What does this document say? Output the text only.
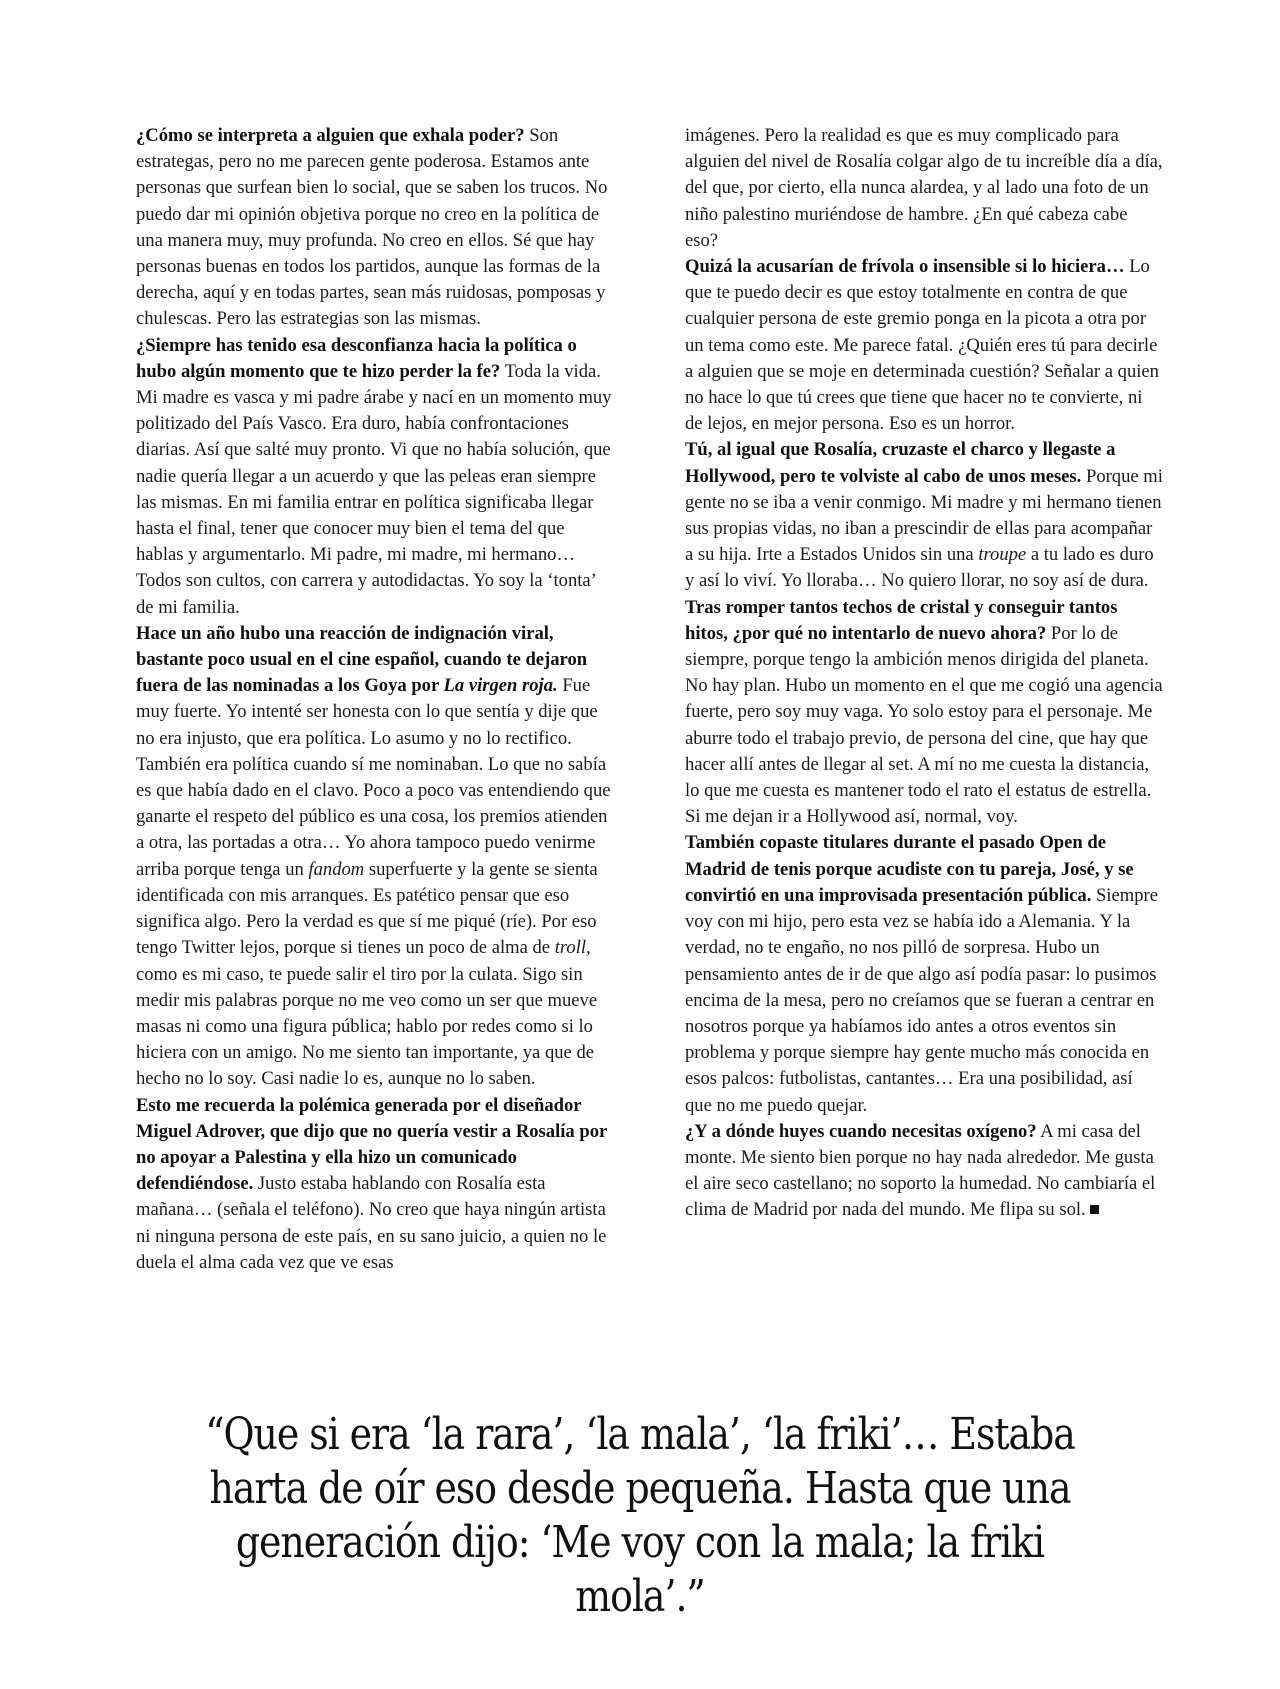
¿Cómo se interpreta a alguien que exhala poder? Son estrategas, pero no me parecen gente poderosa. Estamos ante personas que surfean bien lo social, que se saben los trucos. No puedo dar mi opinión objetiva porque no creo en la política de una manera muy, muy profunda. No creo en ellos. Sé que hay personas buenas en todos los partidos, aunque las formas de la derecha, aquí y en todas partes, sean más ruidosas, pomposas y chulescas. Pero las estrategias son las mismas.

¿Siempre has tenido esa desconfianza hacia la política o hubo algún momento que te hizo perder la fe? Toda la vida. Mi madre es vasca y mi padre árabe y nací en un momento muy politizado del País Vasco. Era duro, había confrontaciones diarias. Así que salté muy pronto. Vi que no había solución, que nadie quería llegar a un acuerdo y que las peleas eran siempre las mismas. En mi familia entrar en política significaba llegar hasta el final, tener que conocer muy bien el tema del que hablas y argumentarlo. Mi padre, mi madre, mi hermano… Todos son cultos, con carrera y autodidactas. Yo soy la ‘tonta’ de mi familia.

Hace un año hubo una reacción de indignación viral, bastante poco usual en el cine español, cuando te dejaron fuera de las nominadas a los Goya por La virgen roja. Fue muy fuerte. Yo intenté ser honesta con lo que sentía y dije que no era injusto, que era política. Lo asumo y no lo rectifico. También era política cuando sí me nominaban. Lo que no sabía es que había dado en el clavo. Poco a poco vas entendiendo que ganarte el respeto del público es una cosa, los premios atienden a otra, las portadas a otra… Yo ahora tampoco puedo venirme arriba porque tenga un fandom superfuerte y la gente se sienta identificada con mis arranques. Es patético pensar que eso significa algo. Pero la verdad es que sí me piqué (ríe). Por eso tengo Twitter lejos, porque si tienes un poco de alma de troll, como es mi caso, te puede salir el tiro por la culata. Sigo sin medir mis palabras porque no me veo como un ser que mueve masas ni como una figura pública; hablo por redes como si lo hiciera con un amigo. No me siento tan importante, ya que de hecho no lo soy. Casi nadie lo es, aunque no lo saben.

Esto me recuerda la polémica generada por el diseñador Miguel Adrover, que dijo que no quería vestir a Rosalía por no apoyar a Palestina y ella hizo un comunicado defendiéndose. Justo estaba hablando con Rosalía esta mañana… (señala el teléfono). No creo que haya ningún artista ni ninguna persona de este país, en su sano juicio, a quien no le duela el alma cada vez que ve esas

imágenes. Pero la realidad es que es muy complicado para alguien del nivel de Rosalía colgar algo de tu increíble día a día, del que, por cierto, ella nunca alardea, y al lado una foto de un niño palestino muriéndose de hambre. ¿En qué cabeza cabe eso?

Quizá la acusarían de frívola o insensible si lo hiciera… Lo que te puedo decir es que estoy totalmente en contra de que cualquier persona de este gremio ponga en la picota a otra por un tema como este. Me parece fatal. ¿Quién eres tú para decirle a alguien que se moje en determinada cuestión? Señalar a quien no hace lo que tú crees que tiene que hacer no te convierte, ni de lejos, en mejor persona. Eso es un horror.

Tú, al igual que Rosalía, cruzaste el charco y llegaste a Hollywood, pero te volviste al cabo de unos meses. Porque mi gente no se iba a venir conmigo. Mi madre y mi hermano tienen sus propias vidas, no iban a prescindir de ellas para acompañar a su hija. Irte a Estados Unidos sin una troupe a tu lado es duro y así lo viví. Yo lloraba… No quiero llorar, no soy así de dura.

Tras romper tantos techos de cristal y conseguir tantos hitos, ¿por qué no intentarlo de nuevo ahora? Por lo de siempre, porque tengo la ambición menos dirigida del planeta. No hay plan. Hubo un momento en el que me cogió una agencia fuerte, pero soy muy vaga. Yo solo estoy para el personaje. Me aburre todo el trabajo previo, de persona del cine, que hay que hacer allí antes de llegar al set. A mí no me cuesta la distancia, lo que me cuesta es mantener todo el rato el estatus de estrella. Si me dejan ir a Hollywood así, normal, voy.

También copaste titulares durante el pasado Open de Madrid de tenis porque acudiste con tu pareja, José, y se convirtió en una improvisada presentación pública. Siempre voy con mi hijo, pero esta vez se había ido a Alemania. Y la verdad, no te engaño, no nos pilló de sorpresa. Hubo un pensamiento antes de ir de que algo así podía pasar: lo pusimos encima de la mesa, pero no creíamos que se fueran a centrar en nosotros porque ya habíamos ido antes a otros eventos sin problema y porque siempre hay gente mucho más conocida en esos palcos: futbolistas, cantantes… Era una posibilidad, así que no me puedo quejar.

¿Y a dónde huyes cuando necesitas oxígeno? A mi casa del monte. Me siento bien porque no hay nada alrededor. Me gusta el aire seco castellano; no soporto la humedad. No cambiaría el clima de Madrid por nada del mundo. Me flipa su sol.

“Que si era ‘la rara’, ‘la mala’, ‘la friki’… Estaba harta de oír eso desde pequeña. Hasta que una generación dijo: ‘Me voy con la mala; la friki mola’.”
